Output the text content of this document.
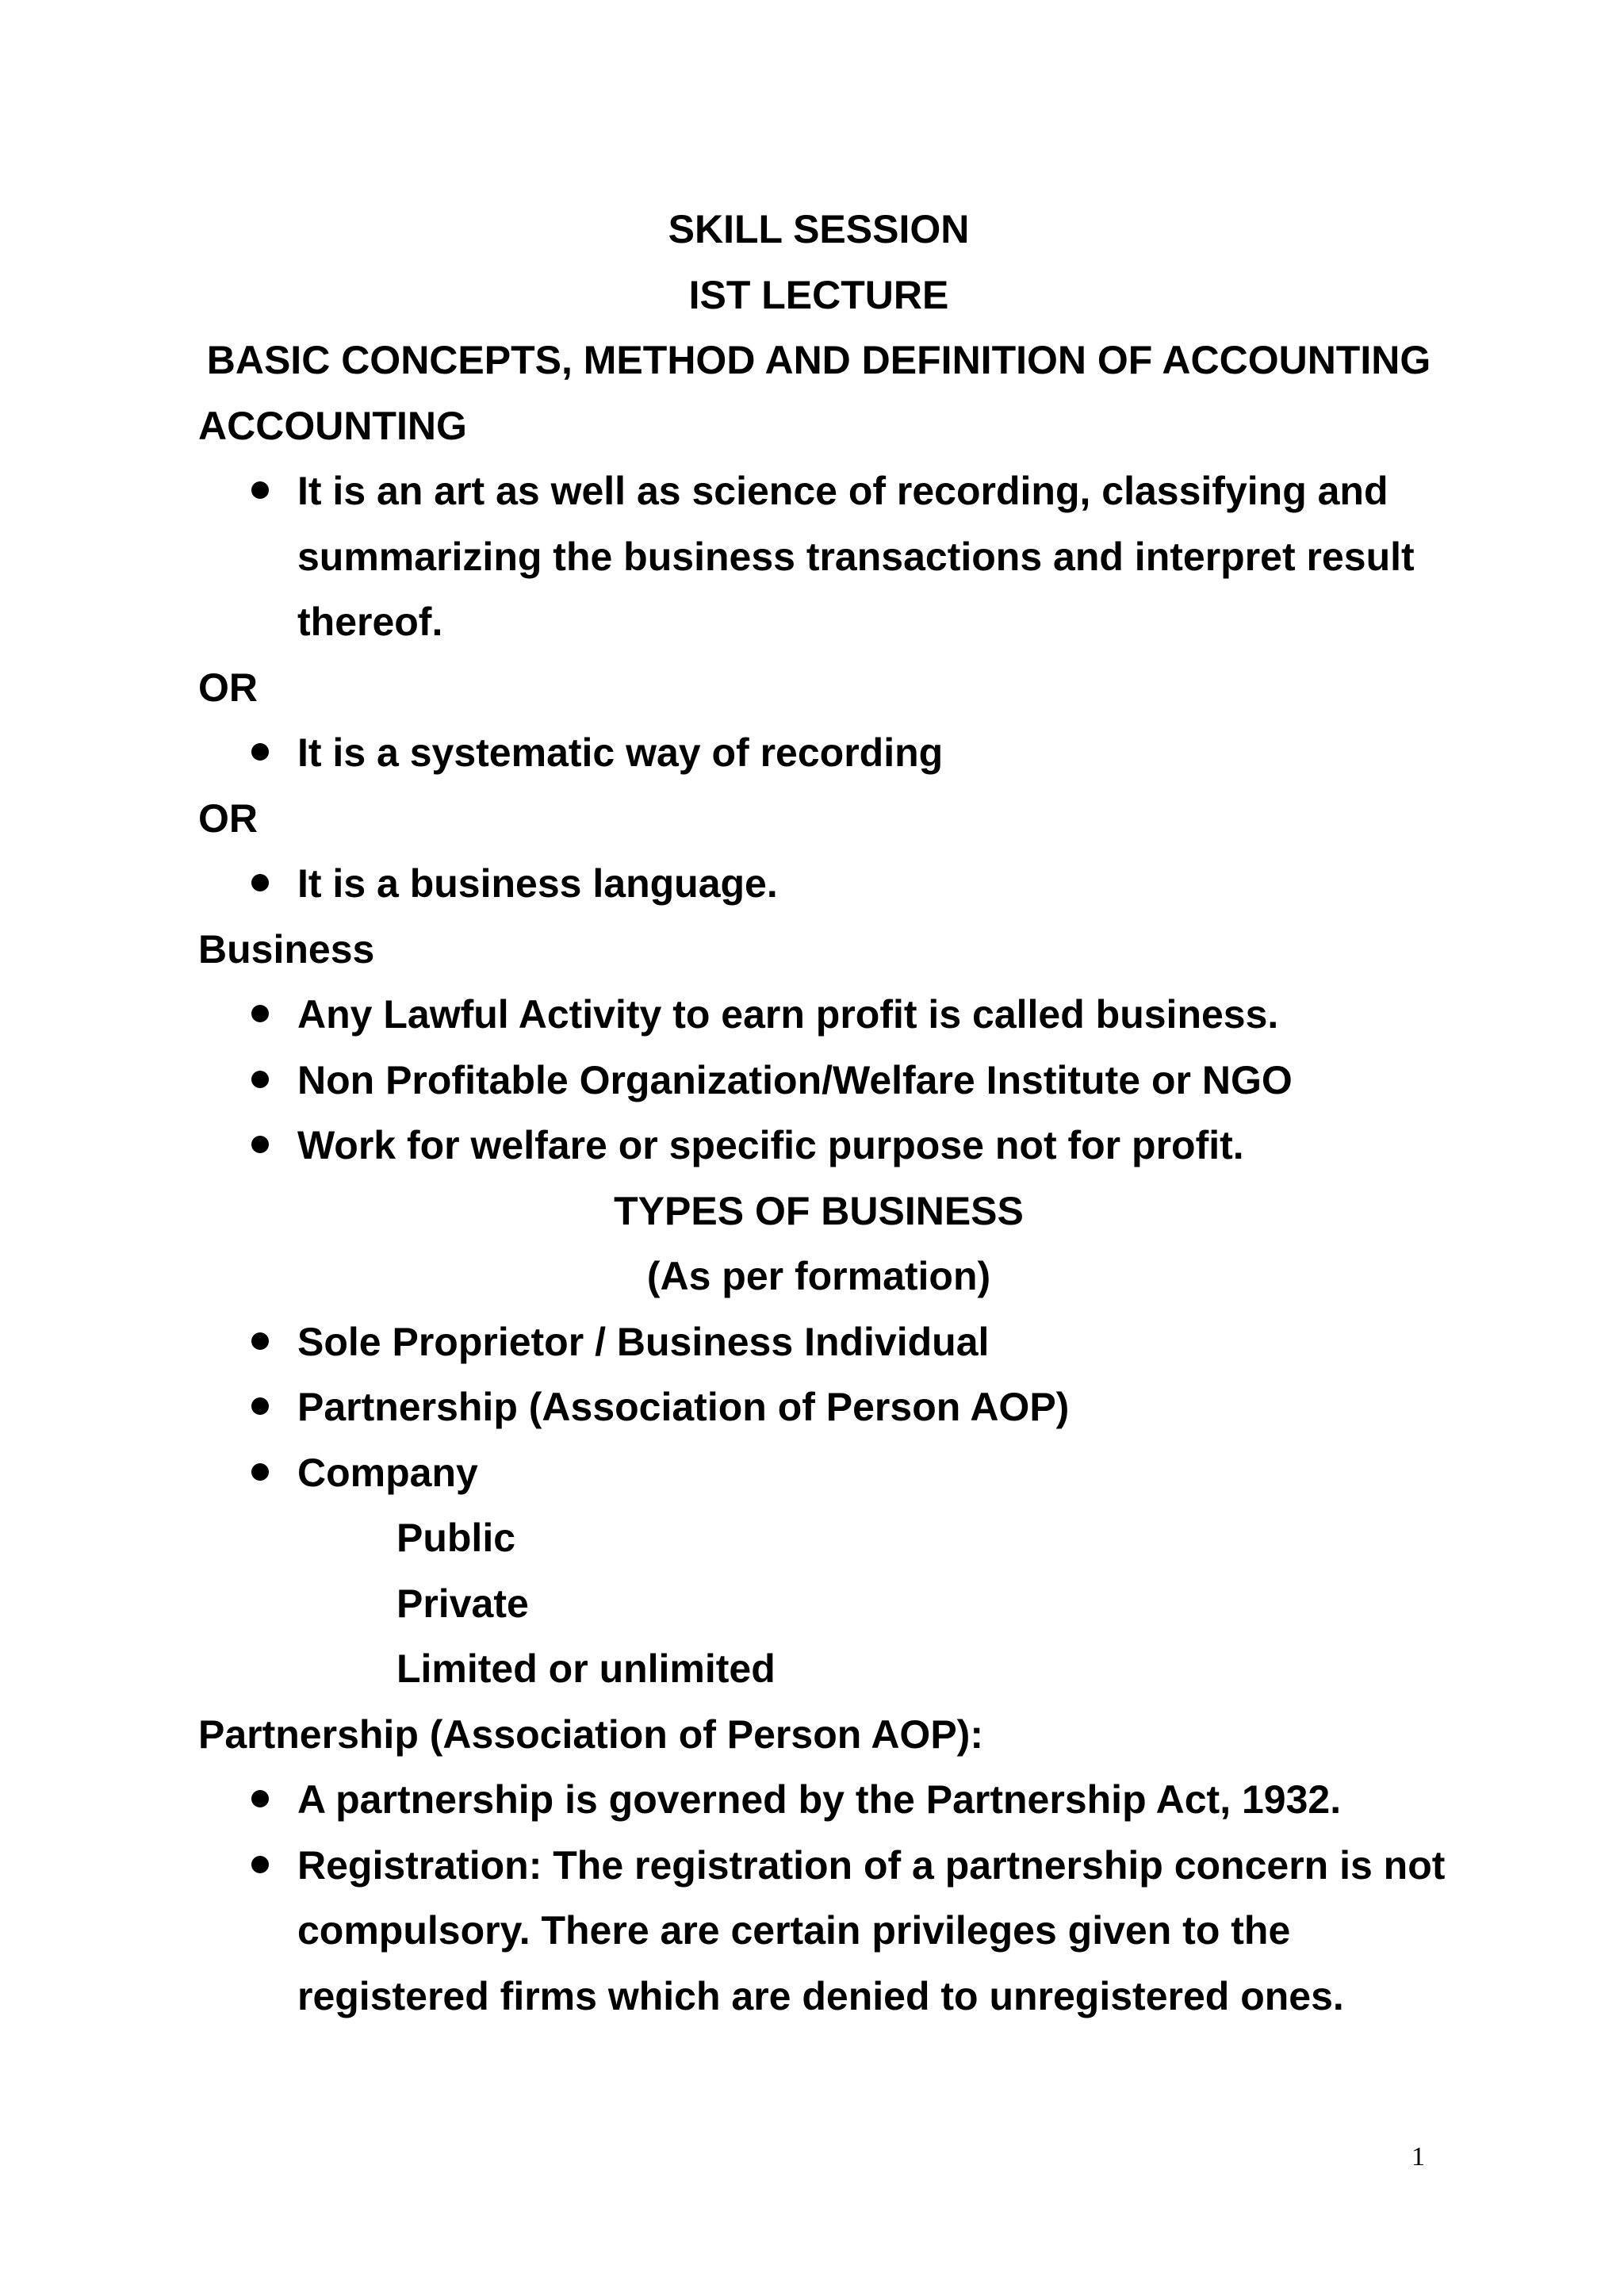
SKILL SESSION
IST LECTURE
BASIC CONCEPTS, METHOD AND DEFINITION OF ACCOUNTING
ACCOUNTING
It is an art as well as science of recording, classifying and summarizing the business transactions and interpret result thereof.
OR
It is a systematic way of recording
OR
It is a business language.
Business
Any Lawful Activity to earn profit is called business.
Non Profitable Organization/Welfare Institute or NGO
Work for welfare or specific purpose not for profit.
TYPES OF BUSINESS
(As per formation)
Sole Proprietor / Business Individual
Partnership (Association of Person AOP)
Company
Public
Private
Limited or unlimited
Partnership (Association of Person AOP):
A partnership is governed by the Partnership Act, 1932.
Registration: The registration of a partnership concern is not compulsory. There are certain privileges given to the registered firms which are denied to unregistered ones.
1
